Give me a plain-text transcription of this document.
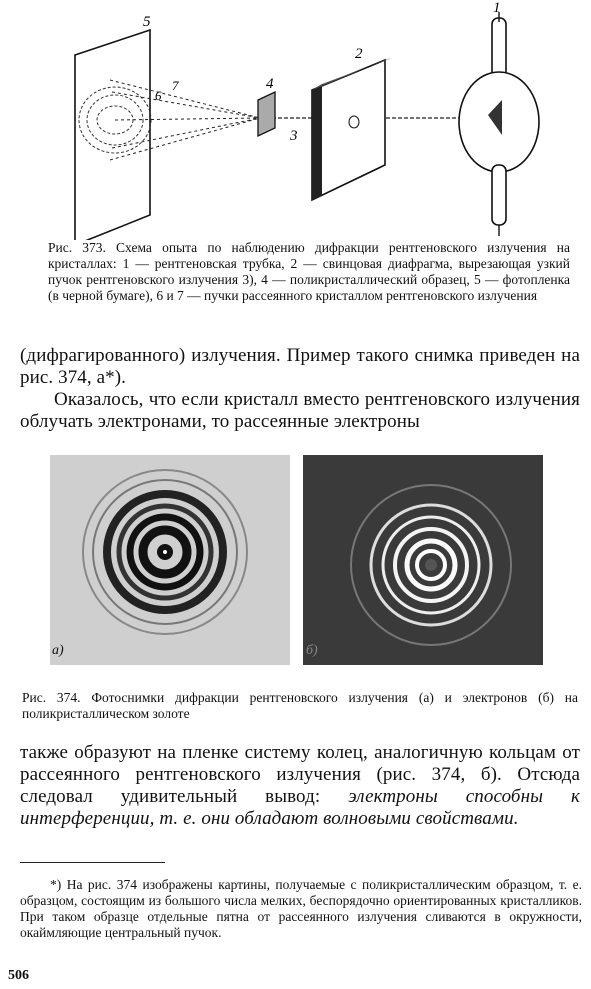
1
2
3
4
5
6
7
Рис. 373. Схема опыта по наблюдению дифракции рентгеновского излучения на кристаллах: 1 — рентгеновская трубка, 2 — свинцовая диафрагма, вырезающая узкий пучок рентгеновского излучения 3), 4 — поликристаллический образец, 5 — фотопленка (в черной бумаге), 6 и 7 — пучки рассеянного кристаллом рентгеновского излучения
(дифрагированного) излучения. Пример такого снимка приведен на рис. 374, а*).
Оказалось, что если кристалл вместо рентгеновского излучения облучать электронами, то рассеянные электроны
а)	б)
Рис. 374. Фотоснимки дифракции рентгеновского излучения (а) и электронов (б) на поликристаллическом золоте
также образуют на пленке систему колец, аналогичную кольцам от рассеянного рентгеновского излучения (рис. 374, б). Отсюда следовал удивительный вывод: электроны способны к интерференции, т. е. они обладают волновыми свойствами.
*) На рис. 374 изображены картины, получаемые с поликристаллическим образцом, т. е. образцом, состоящим из большого числа мелких, беспорядочно ориентированных кристалликов. При таком образце отдельные пятна от рассеянного излучения сливаются в окружности, окаймляющие центральный пучок.
506
